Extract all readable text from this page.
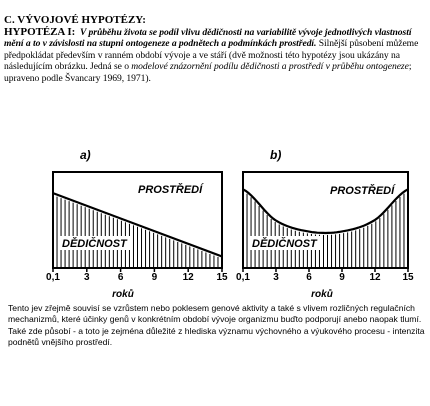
C. VÝVOJOVÉ HYPOTÉZY:
HYPOTÉZA I: V průběhu života se podíl vlivu dědičnosti na variabilitě vývoje jednotlivých vlastností mění a to v závislosti na stupni ontogeneze a podnětech a podmínkách prostředí. Silnější působení můžeme předpokládat především v ranném období vývoje a ve stáří (dvě možnosti této hypotézy jsou ukázány na následujícím obrázku. Jedná se o modelové znázornění podílu dědičnosti a prostředí v průběhu ontogeneze; upraveno podle Švancary 1969, 1971).
a)
PROSTŘEDÍ
DĚDIČNOST
0,1 3	6	9	12 15
roků
b)
PROSTŘEDÍ
DĚDIČNOST
0,1 3	6	9 12 15
roků
Tento jev zřejmě souvisí se vzrůstem nebo poklesem genové aktivity a také s vlivem rozličných regulačních mechanizmů, které účinky genů v konkrétním období vývoje organizmu buďto podporují anebo naopak tlumí. Také zde působí - a toto je zejména důležité z hlediska významu výchovného a výukového procesu - intenzita podnětů vnějšího prostředí.
